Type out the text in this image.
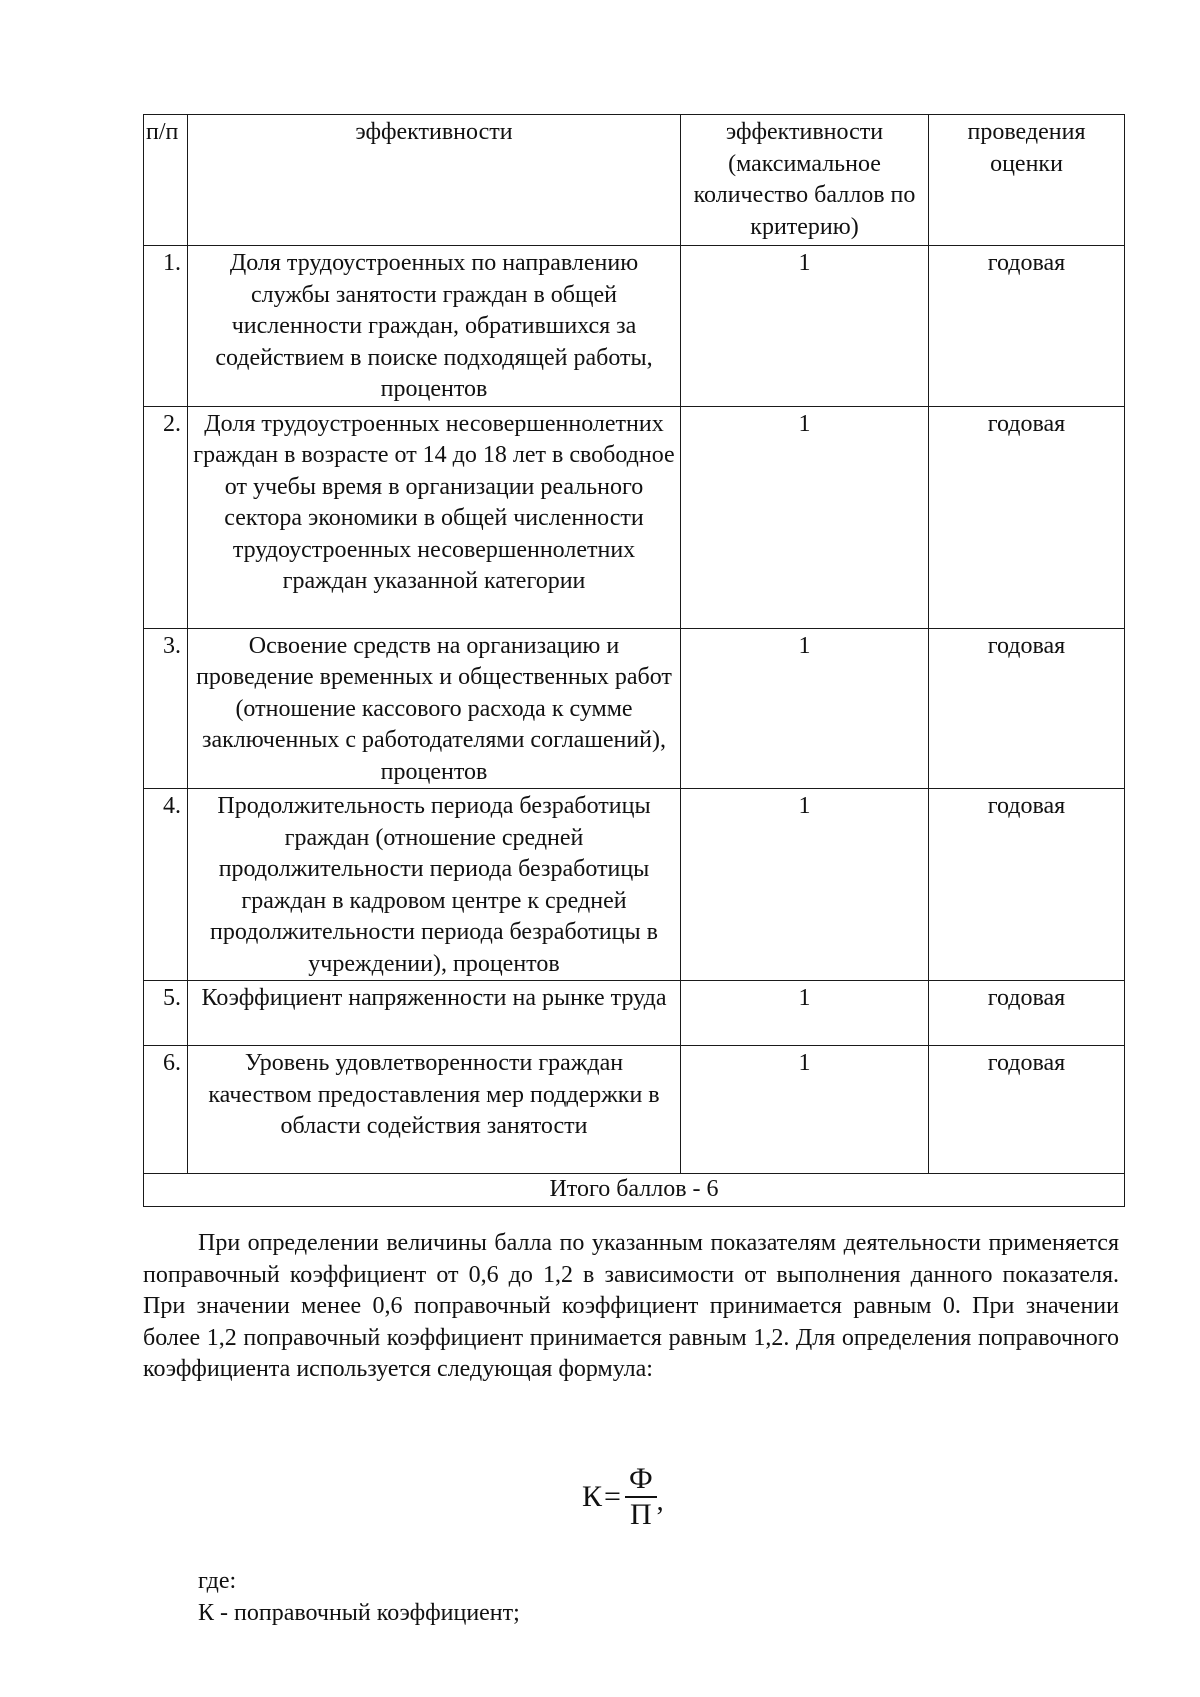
п/п	эффективности	эффективности (максимальное количество баллов по критерию)	проведения оценки
1.	Доля трудоустроенных по направлению службы занятости граждан в общей численности граждан, обратившихся за содействием в поиске подходящей работы, процентов	1	годовая
2.	Доля трудоустроенных несовершеннолетних граждан в возрасте от 14 до 18 лет в свободное от учебы время в организации реального сектора экономики в общей численности трудоустроенных несовершеннолетних граждан указанной категории	1	годовая
3.	Освоение средств на организацию и проведение временных и общественных работ (отношение кассового расхода к сумме заключенных с работодателями соглашений), процентов	1	годовая
4.	Продолжительность периода безработицы граждан (отношение средней продолжительности периода безработицы граждан в кадровом центре к средней продолжительности периода безработицы в учреждении), процентов	1	годовая
5.	Коэффициент напряженности на рынке труда	1	годовая
6.	Уровень удовлетворенности граждан качеством предоставления мер поддержки в области содействия занятости	1	годовая
Итого баллов - 6			

При определении величины балла по указанным показателям деятельности применяется поправочный коэффициент от 0,6 до 1,2 в зависимости от выполнения данного показателя. При значении менее 0,6 поправочный коэффициент принимается равным 0. При значении более 1,2 поправочный коэффициент принимается равным 1,2. Для определения поправочного коэффициента используется следующая формула:

$К = \frac{Ф}{П}$ ,

где:

К - поправочный коэффициент;
